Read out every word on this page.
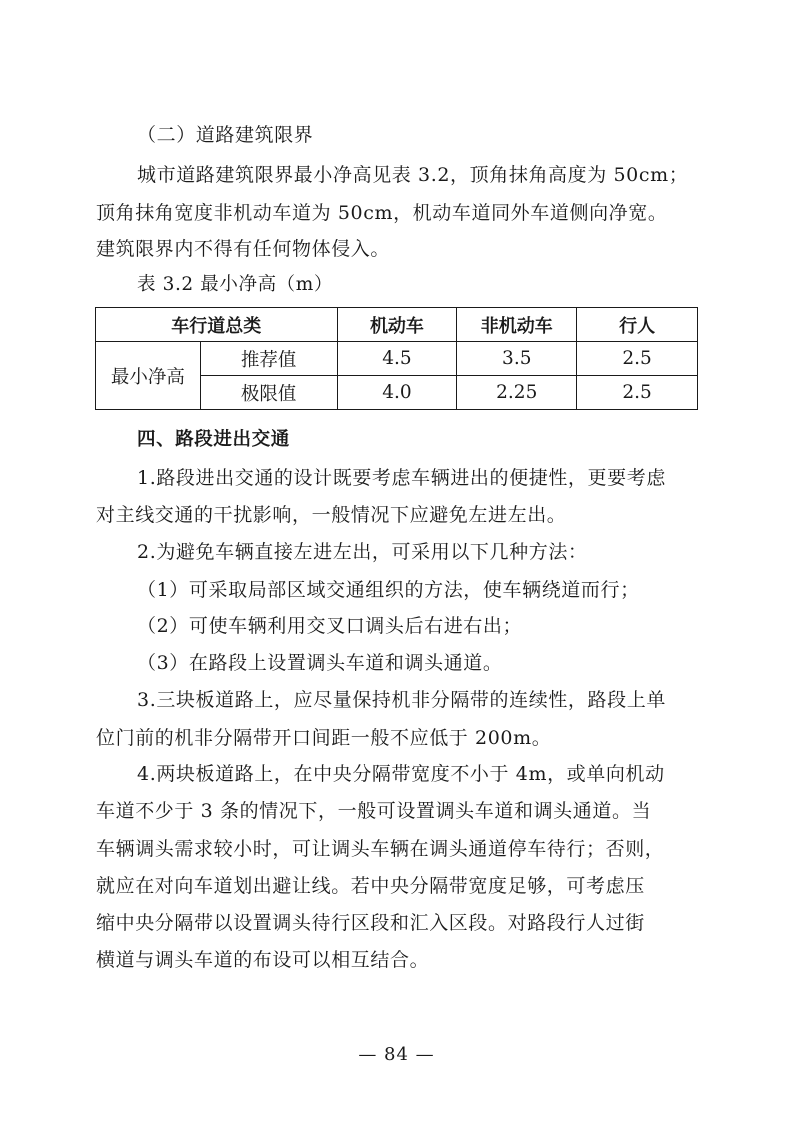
（二）道路建筑限界
城市道路建筑限界最小净高见表 3.2，顶角抹角高度为 50cm；
顶角抹角宽度非机动车道为 50cm，机动车道同外车道侧向净宽。
建筑限界内不得有任何物体侵入。
表 3.2 最小净高（m）
车行道总类		机动车	非机动车	行人
最小净高	推荐值	4.5	3.5	2.5
	极限值	4.0	2.25	2.5
四、路段进出交通
1.路段进出交通的设计既要考虑车辆进出的便捷性，更要考虑
对主线交通的干扰影响，一般情况下应避免左进左出。
2.为避免车辆直接左进左出，可采用以下几种方法：
（1）可采取局部区域交通组织的方法，使车辆绕道而行；
（2）可使车辆利用交叉口调头后右进右出；
（3）在路段上设置调头车道和调头通道。
3.三块板道路上，应尽量保持机非分隔带的连续性，路段上单
位门前的机非分隔带开口间距一般不应低于 200m。
4.两块板道路上，在中央分隔带宽度不小于 4m，或单向机动
车道不少于 3 条的情况下，一般可设置调头车道和调头通道。当
车辆调头需求较小时，可让调头车辆在调头通道停车待行；否则，
就应在对向车道划出避让线。若中央分隔带宽度足够，可考虑压
缩中央分隔带以设置调头待行区段和汇入区段。对路段行人过街
横道与调头车道的布设可以相互结合。
— 84 —
